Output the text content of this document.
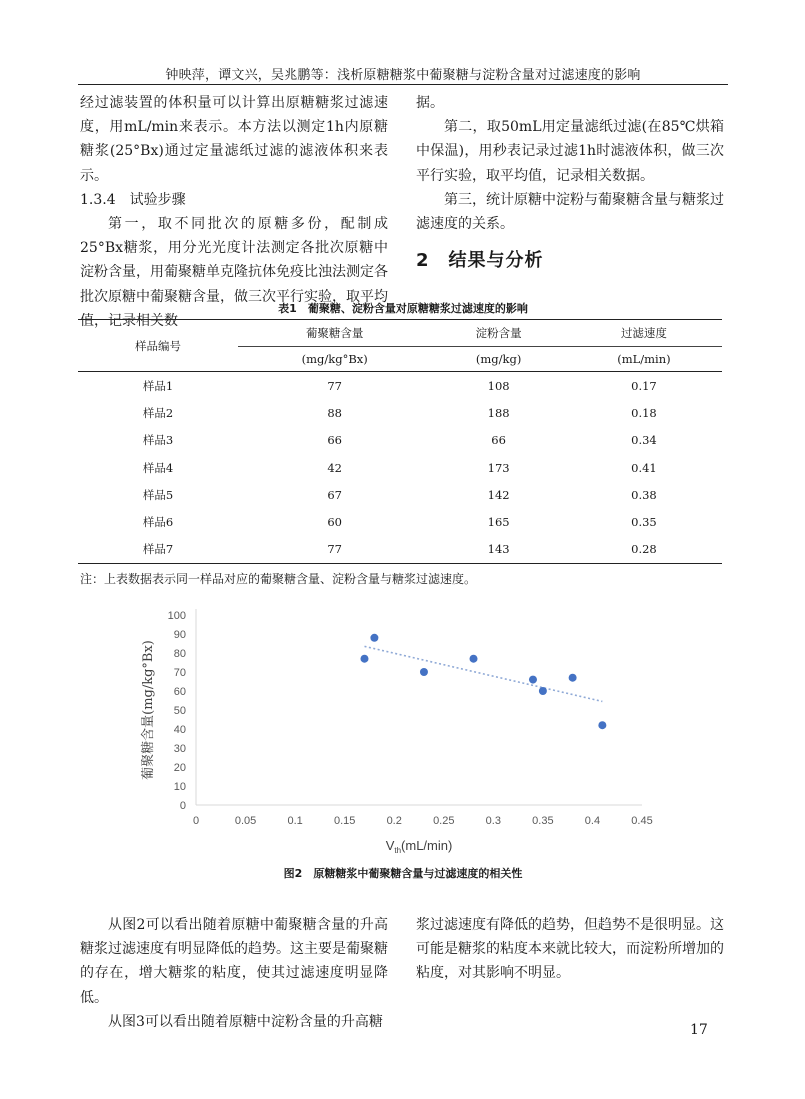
钟映萍，谭文兴，吴兆鹏等：浅析原糖糖浆中葡聚糖与淀粉含量对过滤速度的影响

经过滤装置的体积量可以计算出原糖糖浆过滤速度，用mL/min来表示。本方法以测定1h内原糖糖浆(25°Bx)通过定量滤纸过滤的滤液体积来表示。

1.3.4　试验步骤

第一，取不同批次的原糖多份，配制成25°Bx糖浆，用分光光度计法测定各批次原糖中淀粉含量，用葡聚糖单克隆抗体免疫比浊法测定各批次原糖中葡聚糖含量，做三次平行实验，取平均值，记录相关数

据。

第二，取50mL用定量滤纸过滤(在85℃烘箱中保温)，用秒表记录过滤1h时滤液体积，做三次平行实验，取平均值，记录相关数据。

第三，统计原糖中淀粉与葡聚糖含量与糖浆过滤速度的关系。

2　结果与分析
表1　葡聚糖、淀粉含量对原糖糖浆过滤速度的影响
样品编号	葡聚糖含量	淀粉含量	过滤速度
	(mg/kg°Bx)	(mg/kg)	(mL/min)
样品1	77	108	0.17
样品2	88	188	0.18
样品3	66	66	0.34
样品4	42	173	0.41
样品5	67	142	0.38
样品6	60	165	0.35
样品7	77	143	0.28
注：上表数据表示同一样品对应的葡聚糖含量、淀粉含量与糖浆过滤速度。
0
10
20
30
40
50
60
70
80
90
100
0	0.05	0.1	0.15	0.2	0.25	0.3	0.35	0.4	0.45
葡聚糖含量(mg/kg°Bx)
$V_{th}(mL/\min)$
图2　原糖糖浆中葡聚糖含量与过滤速度的相关性

从图2可以看出随着原糖中葡聚糖含量的升高糖浆过滤速度有明显降低的趋势。这主要是葡聚糖的存在，增大糖浆的粘度，使其过滤速度明显降低。

从图3可以看出随着原糖中淀粉含量的升高糖

浆过滤速度有降低的趋势，但趋势不是很明显。这可能是糖浆的粘度本来就比较大，而淀粉所增加的粘度，对其影响不明显。

17
